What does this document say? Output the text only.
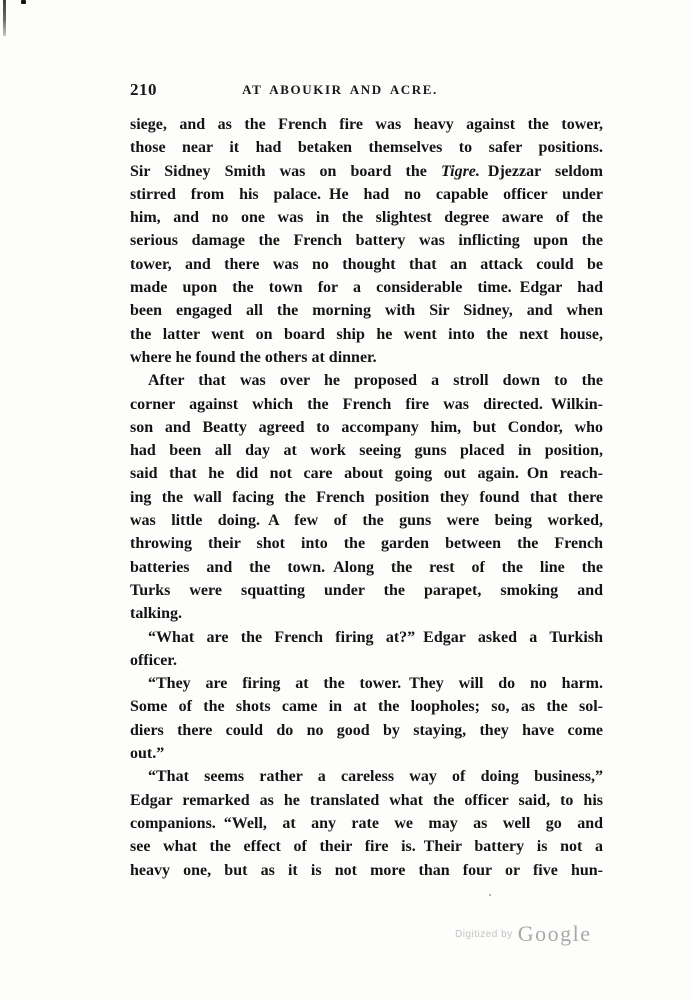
210	AT ABOUKIR AND ACRE.
siege, and as the French fire was heavy against the tower,
those near it had betaken themselves to safer positions.
Sir Sidney Smith was on board the Tigre. Djezzar seldom
stirred from his palace. He had no capable officer under
him, and no one was in the slightest degree aware of the
serious damage the French battery was inflicting upon the
tower, and there was no thought that an attack could be
made upon the town for a considerable time. Edgar had
been engaged all the morning with Sir Sidney, and when
the latter went on board ship he went into the next house,
where he found the others at dinner.
After that was over he proposed a stroll down to the
corner against which the French fire was directed. Wilkin-
son and Beatty agreed to accompany him, but Condor, who
had been all day at work seeing guns placed in position,
said that he did not care about going out again. On reach-
ing the wall facing the French position they found that there
was little doing. A few of the guns were being worked,
throwing their shot into the garden between the French
batteries and the town. Along the rest of the line the
Turks were squatting under the parapet, smoking and
talking.
“What are the French firing at?” Edgar asked a Turkish
officer.
“They are firing at the tower. They will do no harm.
Some of the shots came in at the loopholes; so, as the sol-
diers there could do no good by staying, they have come
out.”
“That seems rather a careless way of doing business,”
Edgar remarked as he translated what the officer said, to his
companions. “Well, at any rate we may as well go and
see what the effect of their fire is. Their battery is not a
heavy one, but as it is not more than four or five hun-
$^{Digitized by}$ Google
